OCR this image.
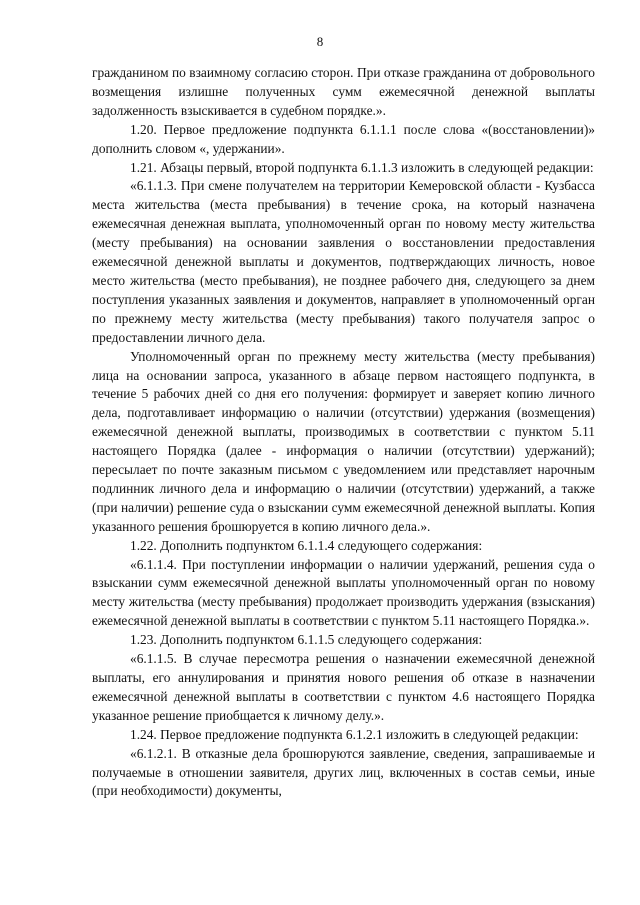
8

гражданином по взаимному согласию сторон. При отказе гражданина от добровольного возмещения излишне полученных сумм ежемесячной денежной выплаты задолженность взыскивается в судебном порядке.».

1.20. Первое предложение подпункта 6.1.1.1 после слова «(восстановлении)» дополнить словом «, удержании».

1.21. Абзацы первый, второй подпункта 6.1.1.3 изложить в следующей редакции:

«6.1.1.3. При смене получателем на территории Кемеровской области - Кузбасса места жительства (места пребывания) в течение срока, на который назначена ежемесячная денежная выплата, уполномоченный орган по новому месту жительства (месту пребывания) на основании заявления о восстановлении предоставления ежемесячной денежной выплаты и документов, подтверждающих личность, новое место жительства (место пребывания), не позднее рабочего дня, следующего за днем поступления указанных заявления и документов, направляет в уполномоченный орган по прежнему месту жительства (месту пребывания) такого получателя запрос о предоставлении личного дела.

Уполномоченный орган по прежнему месту жительства (месту пребывания) лица на основании запроса, указанного в абзаце первом настоящего подпункта, в течение 5 рабочих дней со дня его получения: формирует и заверяет копию личного дела, подготавливает информацию о наличии (отсутствии) удержания (возмещения) ежемесячной денежной выплаты, производимых в соответствии с пунктом 5.11 настоящего Порядка (далее - информация о наличии (отсутствии) удержаний); пересылает по почте заказным письмом с уведомлением или представляет нарочным подлинник личного дела и информацию о наличии (отсутствии) удержаний, а также (при наличии) решение суда о взыскании сумм ежемесячной денежной выплаты. Копия указанного решения брошюруется в копию личного дела.».

1.22. Дополнить подпунктом 6.1.1.4 следующего содержания:

«6.1.1.4. При поступлении информации о наличии удержаний, решения суда о взыскании сумм ежемесячной денежной выплаты уполномоченный орган по новому месту жительства (месту пребывания) продолжает производить удержания (взыскания) ежемесячной денежной выплаты в соответствии с пунктом 5.11 настоящего Порядка.».

1.23. Дополнить подпунктом 6.1.1.5 следующего содержания:

«6.1.1.5. В случае пересмотра решения о назначении ежемесячной денежной выплаты, его аннулирования и принятия нового решения об отказе в назначении ежемесячной денежной выплаты в соответствии с пунктом 4.6 настоящего Порядка указанное решение приобщается к личному делу.».

1.24. Первое предложение подпункта 6.1.2.1 изложить в следующей редакции:

«6.1.2.1. В отказные дела брошюруются заявление, сведения, запрашиваемые и получаемые в отношении заявителя, других лиц, включенных в состав семьи, иные (при необходимости) документы,
